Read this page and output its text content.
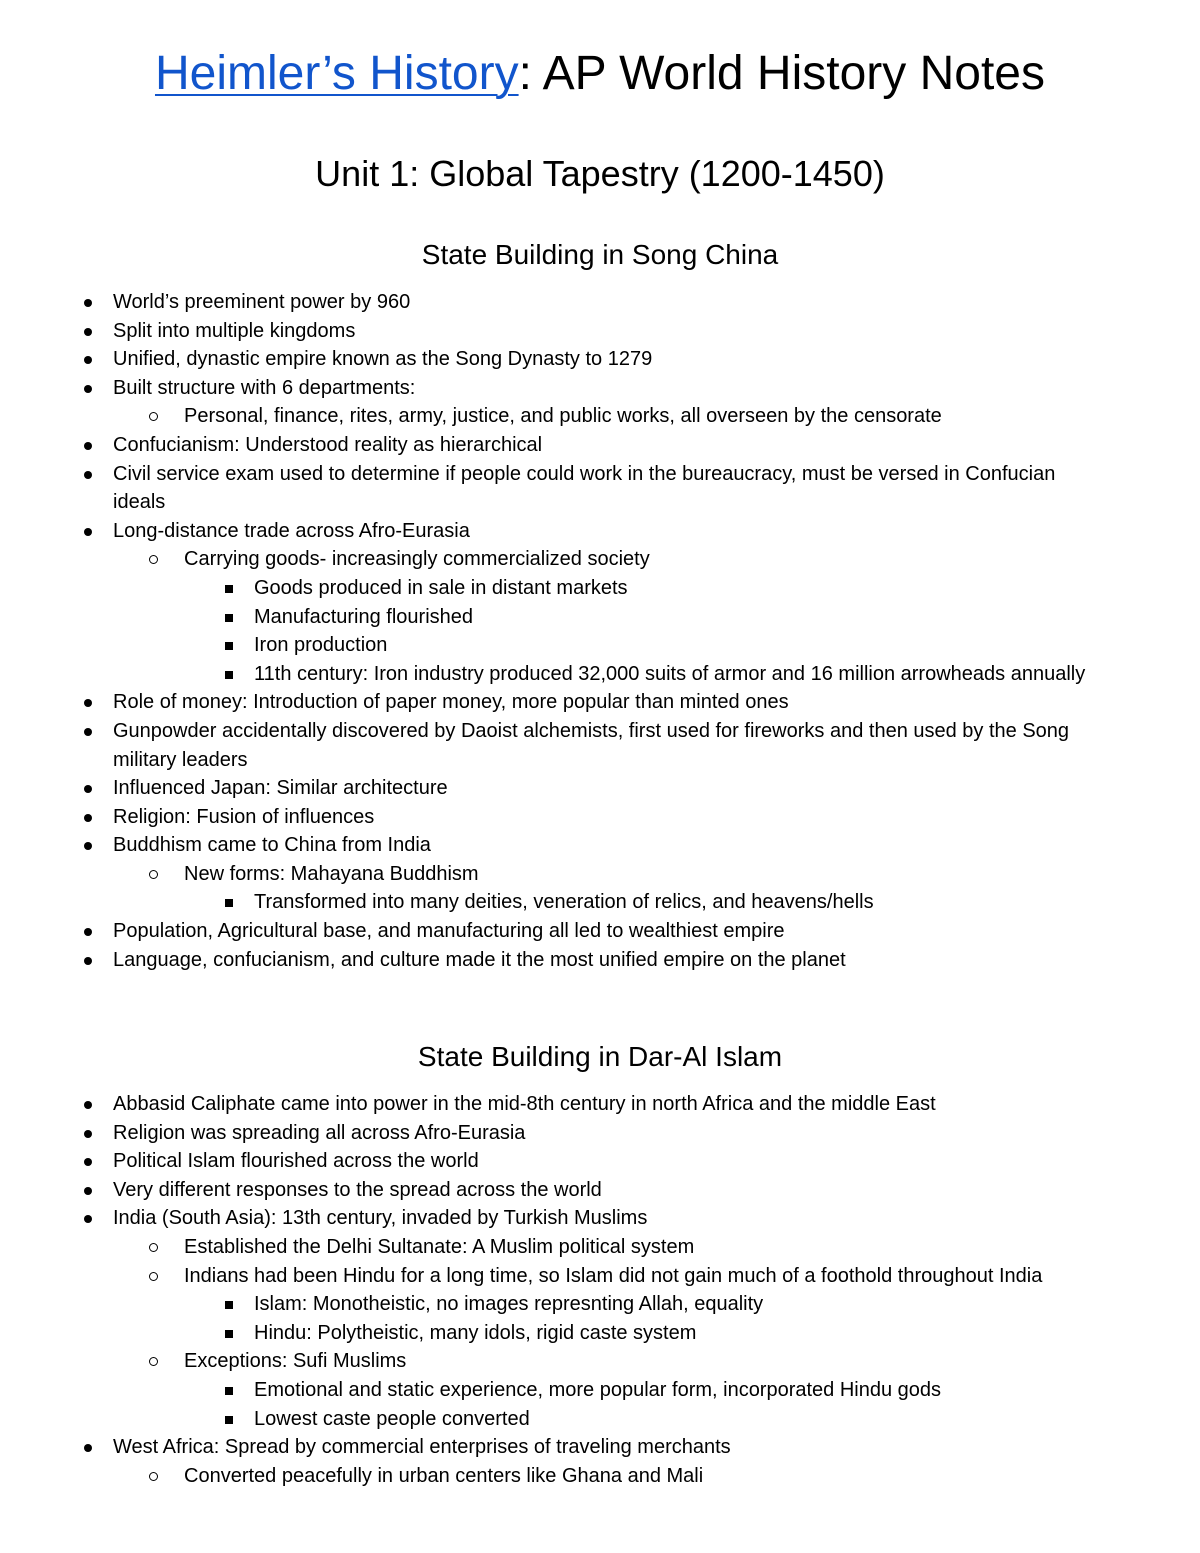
Heimler’s History: AP World History Notes
Unit 1: Global Tapestry (1200-1450)
State Building in Song China
World’s preeminent power by 960
Split into multiple kingdoms
Unified, dynastic empire known as the Song Dynasty to 1279
Built structure with 6 departments:
Personal, finance, rites, army, justice, and public works, all overseen by the censorate
Confucianism: Understood reality as hierarchical
Civil service exam used to determine if people could work in the bureaucracy, must be versed in Confucian
ideals
Long-distance trade across Afro-Eurasia
Carrying goods- increasingly commercialized society
Goods produced in sale in distant markets
Manufacturing flourished
Iron production
11th century: Iron industry produced 32,000 suits of armor and 16 million arrowheads annually
Role of money: Introduction of paper money, more popular than minted ones
Gunpowder accidentally discovered by Daoist alchemists, first used for fireworks and then used by the Song
military leaders
Influenced Japan: Similar architecture
Religion: Fusion of influences
Buddhism came to China from India
New forms: Mahayana Buddhism
Transformed into many deities, veneration of relics, and heavens/hells
Population, Agricultural base, and manufacturing all led to wealthiest empire
Language, confucianism, and culture made it the most unified empire on the planet
State Building in Dar-Al Islam
Abbasid Caliphate came into power in the mid-8th century in north Africa and the middle East
Religion was spreading all across Afro-Eurasia
Political Islam flourished across the world
Very different responses to the spread across the world
India (South Asia): 13th century, invaded by Turkish Muslims
Established the Delhi Sultanate: A Muslim political system
Indians had been Hindu for a long time, so Islam did not gain much of a foothold throughout India
Islam: Monotheistic, no images represnting Allah, equality
Hindu: Polytheistic, many idols, rigid caste system
Exceptions: Sufi Muslims
Emotional and static experience, more popular form, incorporated Hindu gods
Lowest caste people converted
West Africa: Spread by commercial enterprises of traveling merchants
Converted peacefully in urban centers like Ghana and Mali
